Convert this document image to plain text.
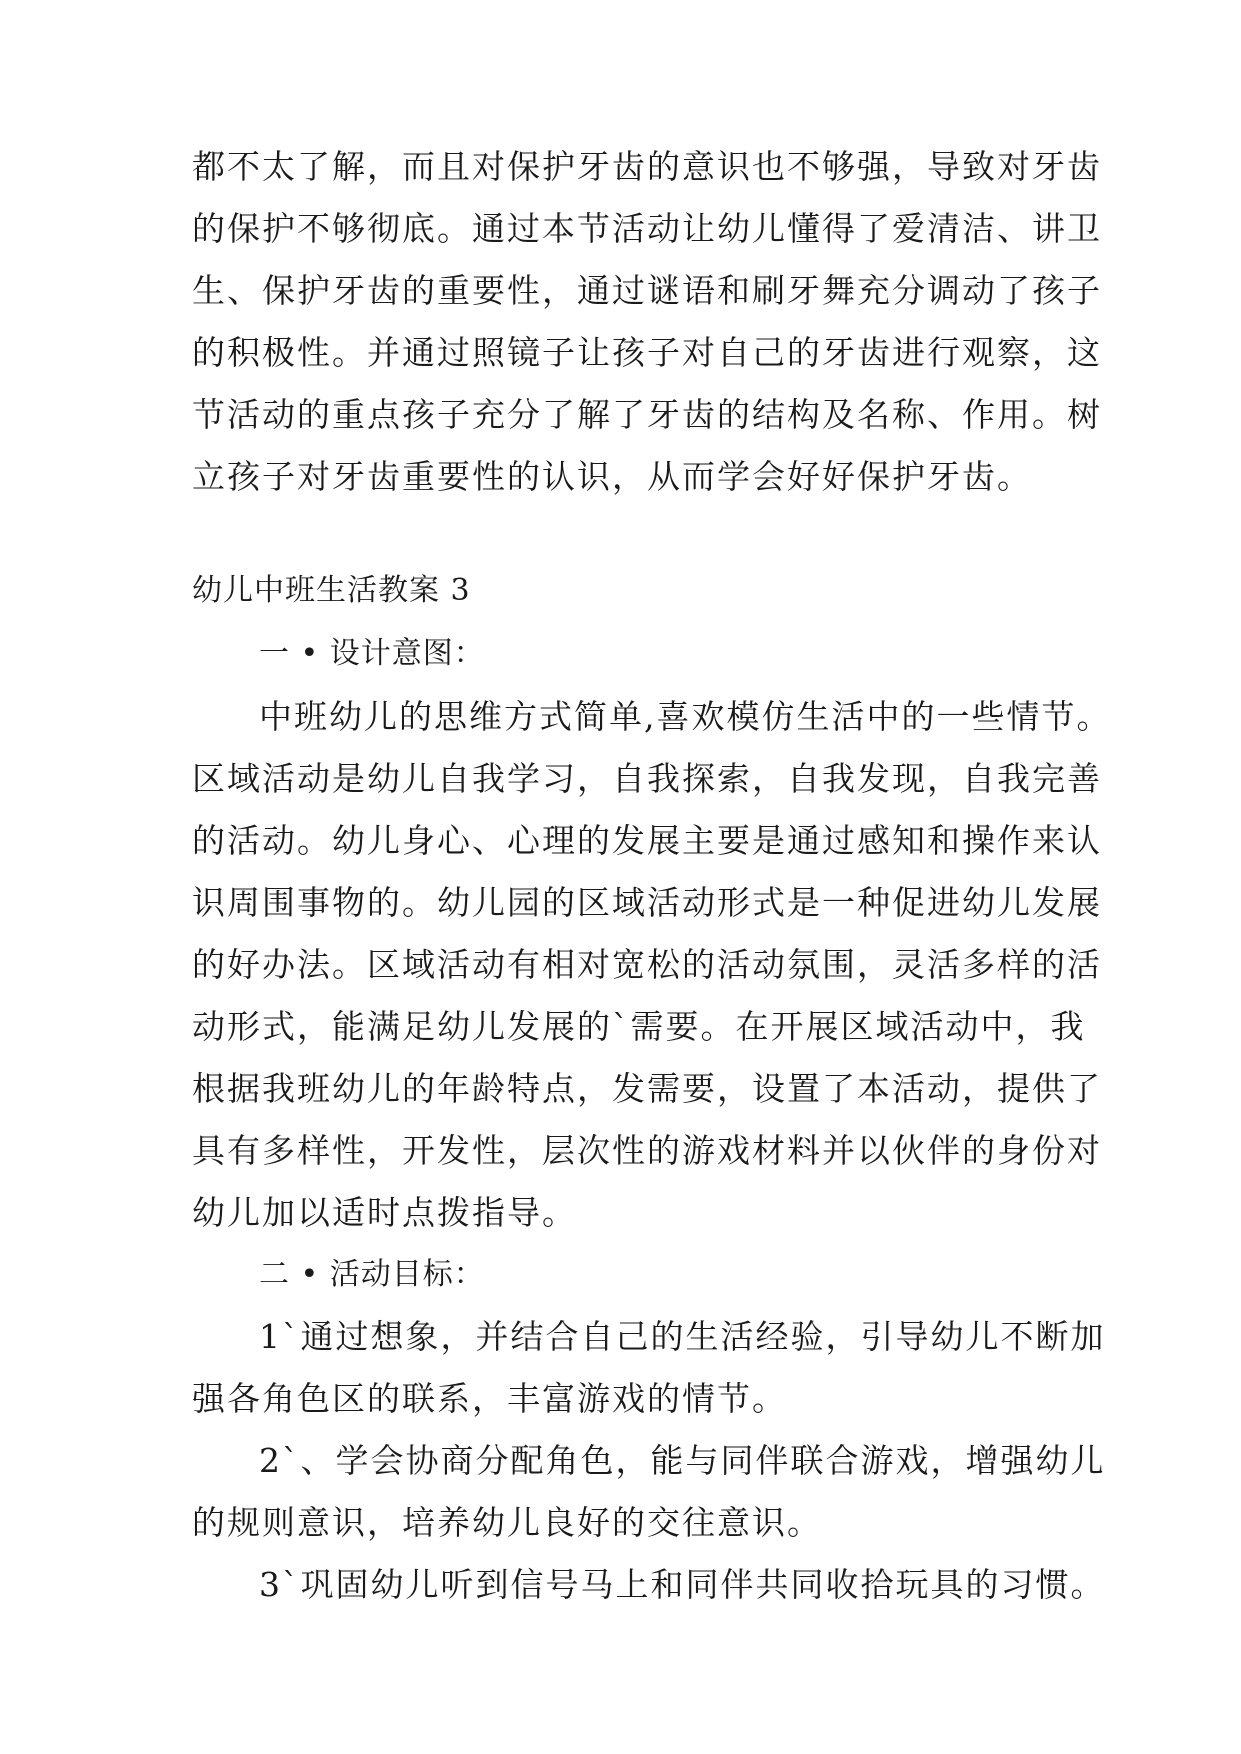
都不太了解，而且对保护牙齿的意识也不够强，导致对牙齿
的保护不够彻底。通过本节活动让幼儿懂得了爱清洁、讲卫
生、保护牙齿的重要性，通过谜语和刷牙舞充分调动了孩子
的积极性。并通过照镜子让孩子对自己的牙齿进行观察，这
节活动的重点孩子充分了解了牙齿的结构及名称、作用。树
立孩子对牙齿重要性的认识，从而学会好好保护牙齿。
幼儿中班生活教案 3
一 • 设计意图：
中班幼儿的思维方式简单,喜欢模仿生活中的一些情节。
区域活动是幼儿自我学习，自我探索，自我发现，自我完善
的活动。幼儿身心、心理的发展主要是通过感知和操作来认
识周围事物的。幼儿园的区域活动形式是一种促进幼儿发展
的好办法。区域活动有相对宽松的活动氛围，灵活多样的活
动形式，能满足幼儿发展的`需要。在开展区域活动中，我
根据我班幼儿的年龄特点，发需要，设置了本活动，提供了
具有多样性，开发性，层次性的游戏材料并以伙伴的身份对
幼儿加以适时点拨指导。
二 • 活动目标：
1`通过想象，并结合自己的生活经验，引导幼儿不断加
强各角色区的联系，丰富游戏的情节。
2`、学会协商分配角色，能与同伴联合游戏，增强幼儿
的规则意识，培养幼儿良好的交往意识。
3`巩固幼儿听到信号马上和同伴共同收拾玩具的习惯。
